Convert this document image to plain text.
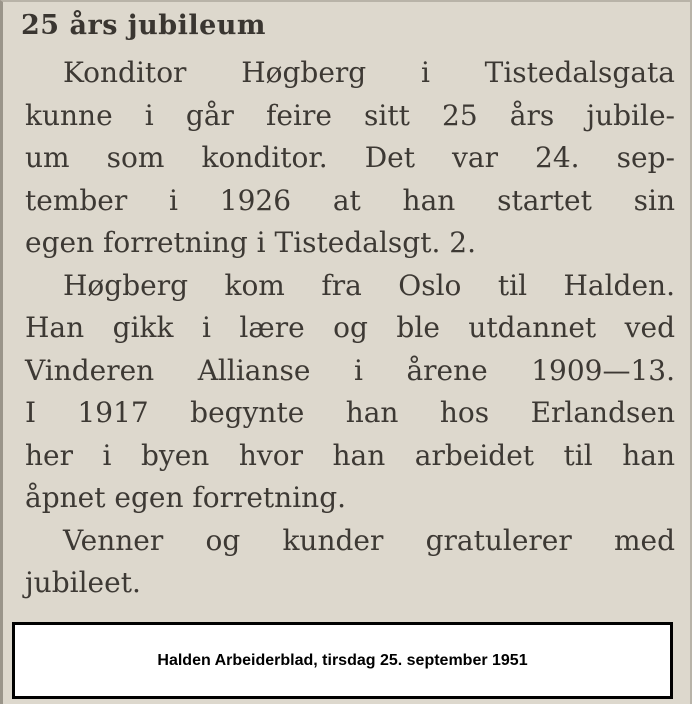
25 års jubileum
Konditor Høgberg i Tistedalsgata
kunne i går feire sitt 25 års jubile-
um som konditor. Det var 24. sep-
tember i 1926 at han startet sin
egen forretning i Tistedalsgt. 2.
Høgberg kom fra Oslo til Halden.
Han gikk i lære og ble utdannet ved
Vinderen Allianse i årene 1909—13.
I 1917 begynte han hos Erlandsen
her i byen hvor han arbeidet til han
åpnet egen forretning.
Venner og kunder gratulerer med
jubileet.
Halden Arbeiderblad, tirsdag 25. september 1951
